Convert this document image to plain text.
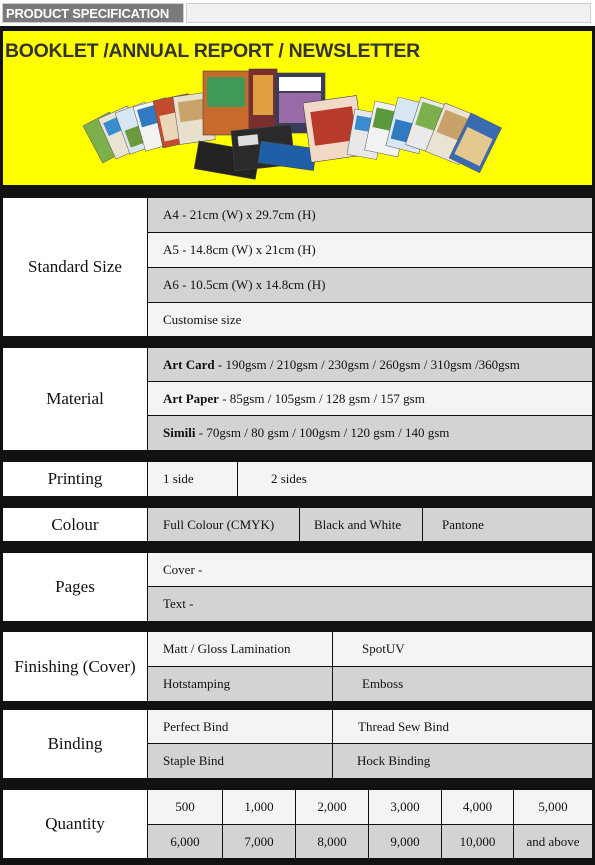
PRODUCT SPECIFICATION
BOOKLET /ANNUAL REPORT / NEWSLETTER
Standard Size
A4 - 21cm (W) x 29.7cm (H)
A5 - 14.8cm (W) x 21cm (H)
A6 - 10.5cm (W) x 14.8cm (H)
Customise size
Material
Art Card - 190gsm / 210gsm / 230gsm / 260gsm / 310gsm /360gsm
Art Paper - 85gsm / 105gsm / 128 gsm / 157 gsm
Simili - 70gsm / 80 gsm / 100gsm / 120 gsm / 140 gsm
Printing	1 side	2 sides
Colour	Full Colour (CMYK)	Black and White	Pantone
Pages
Cover -
Text -
Finishing (Cover)
Matt / Gloss Lamination	SpotUV
Hotstamping	Emboss
Binding
Perfect Bind	Thread Sew Bind
Staple Bind	Hock Binding
Quantity
500	1,000	2,000	3,000	4,000	5,000
6,000	7,000	8,000	9,000	10,000	and above
